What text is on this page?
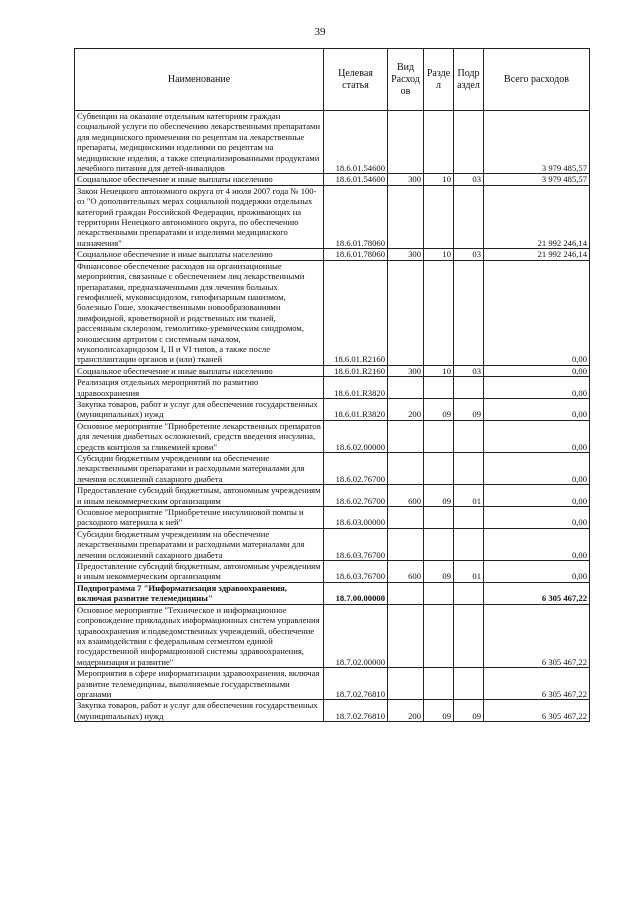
39
Наименование	Целевая статья	Вид Расход ов	Разде л	Подр аздел	Всего расходов
Субвенции на оказание отдельным категориям граждан социальной услуги по обеспечению лекарственными препаратами для медицинского применения по рецептам на лекарственные препараты, медицинскими изделиями по рецептам на медицинские изделия, а также специализированными продуктами лечебного питания для детей-инвалидов	18.6.01.54600				3 979 485,57
Социальное обеспечение и иные выплаты населению	18.6.01.54600	300	10	03	3 979 485,57
Закон Ненецкого автономного округа от 4 июля 2007 года № 100-оз "О дополнительных мерах социальной поддержки отдельных категорий граждан Российской Федерации, проживающих на территории Ненецкого автономного округа, по обеспечению лекарственными препаратами и изделиями медицинского назначения"	18.6.01.78060				21 992 246,14
Социальное обеспечение и иные выплаты населению	18.6.01.78060	300	10	03	21 992 246,14
Финансовое обеспечение расходов на организационные мероприятия, связанные с обеспечением лиц лекарственными препаратами, предназначенными для лечения больных гемофилией, муковисцидозом, гипофизарным нанизмом, болезнью Гоше, злокачественными новообразованиями лимфоидной, кроветворной и родственных им тканей, рассеянным склерозом, гемолитико-уремическим синдромом, юношеским артритом с системным началом, мукополисахаридозом I, II и VI типов, а также после трансплантации органов и (или) тканей	18.6.01.R2160				0,00
Социальное обеспечение и иные выплаты населению	18.6.01.R2160	300	10	03	0,00
Реализация отдельных мероприятий по развитию здравоохранения	18.6.01.R3820				0,00
Закупка товаров, работ и услуг для обеспечения государственных (муниципальных) нужд	18.6.01.R3820	200	09	09	0,00
Основное мероприятие "Приобретение лекарственных препаратов для лечения диабетных осложнений, средств введения инсулина, средств контроля за гликемией крови"	18.6.02.00000				0,00
Субсидии бюджетным учреждениям на обеспечение лекарственными препаратами и расходными материалами для лечения осложнений сахарного диабета	18.6.02.76700				0,00
Предоставление субсидий бюджетным, автономным учреждениям и иным некоммерческим организациям	18.6.02.76700	600	09	01	0,00
Основное мероприятие "Приобретение инсулиновой помпы и расходного материала к ней"	18.6.03.00000				0,00
Субсидии бюджетным учреждениям на обеспечение лекарственными препаратами и расходными материалами для лечения осложнений сахарного диабета	18.6.03.76700				0,00
Предоставление субсидий бюджетным, автономным учреждениям и иным некоммерческим организациям	18.6.03.76700	600	09	01	0,00
Подпрограмма 7 "Информатизация здравоохранения, включая развитие телемедицины"	18.7.00.00000				6 305 467,22
Основное мероприятие "Техническое и информационное сопровождение прикладных информационных систем управления здравоохранения и подведомственных учреждений, обеспечение их взаимодействия с федеральным сегментом единой государственной информационной системы здравоохранения, модернизация и развитие"	18.7.02.00000				6 305 467,22
Мероприятия в сфере информатизации здравоохранения, включая развитие телемедицины, выполняемые государственными органами	18.7.02.76810				6 305 467,22
Закупка товаров, работ и услуг для обеспечения государственных (муниципальных) нужд	18.7.02.76810	200	09	09	6 305 467,22
